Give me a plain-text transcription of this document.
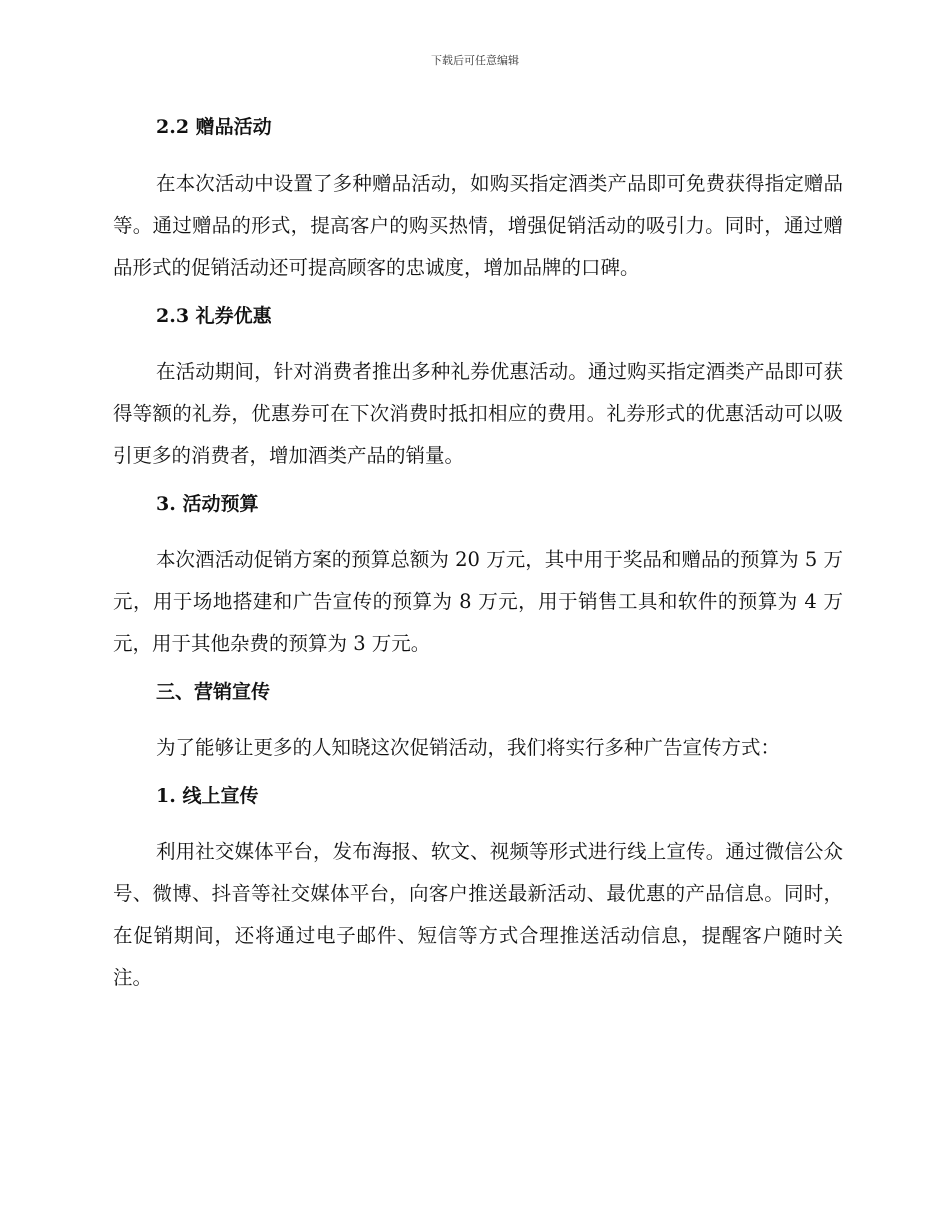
下载后可任意编辑
2.2 赠品活动

在本次活动中设置了多种赠品活动，如购买指定酒类产品即可免费获得指定赠品等。通过赠品的形式，提高客户的购买热情，增强促销活动的吸引力。同时，通过赠品形式的促销活动还可提高顾客的忠诚度，增加品牌的口碑。

2.3 礼券优惠

在活动期间，针对消费者推出多种礼券优惠活动。通过购买指定酒类产品即可获得等额的礼券，优惠券可在下次消费时抵扣相应的费用。礼券形式的优惠活动可以吸引更多的消费者，增加酒类产品的销量。

3. 活动预算

本次酒活动促销方案的预算总额为 20 万元，其中用于奖品和赠品的预算为 5 万元，用于场地搭建和广告宣传的预算为 8 万元，用于销售工具和软件的预算为 4 万元，用于其他杂费的预算为 3 万元。

三、营销宣传

为了能够让更多的人知晓这次促销活动，我们将实行多种广告宣传方式：

1. 线上宣传

利用社交媒体平台，发布海报、软文、视频等形式进行线上宣传。通过微信公众号、微博、抖音等社交媒体平台，向客户推送最新活动、最优惠的产品信息。同时，在促销期间，还将通过电子邮件、短信等方式合理推送活动信息，提醒客户随时关注。
